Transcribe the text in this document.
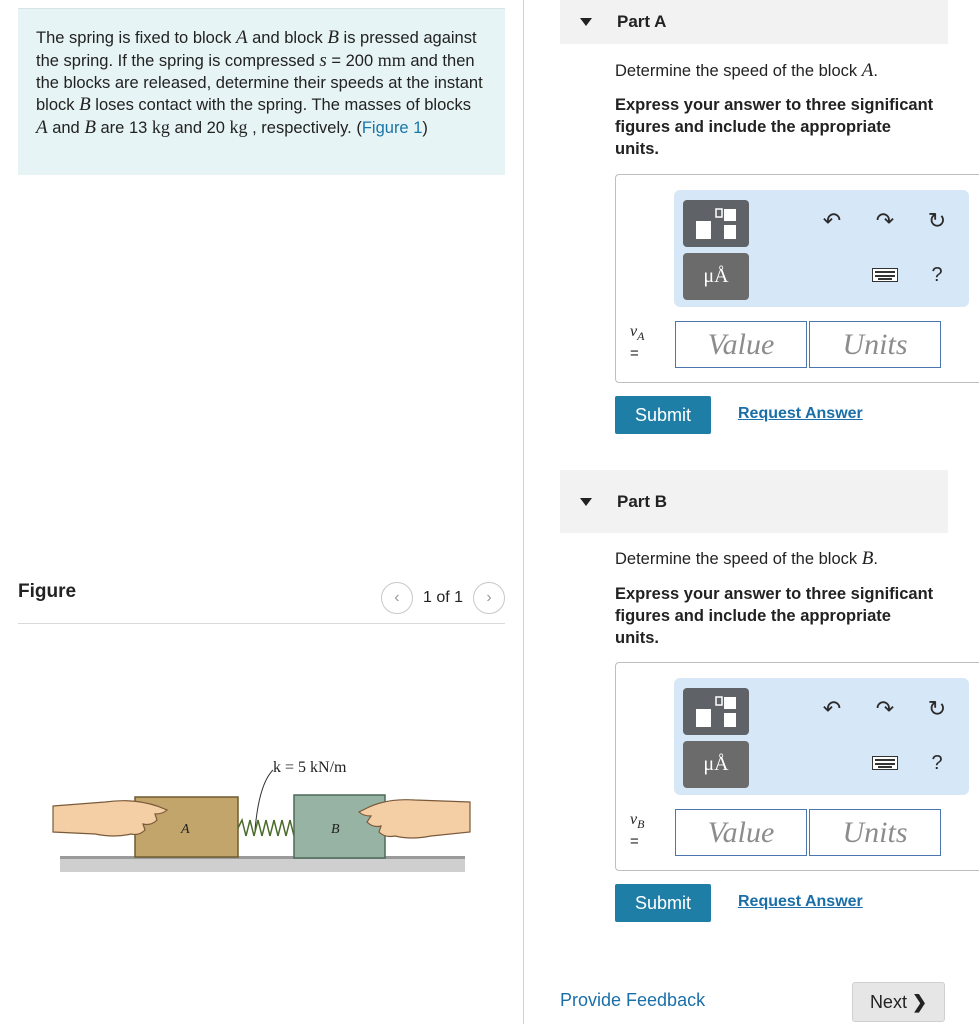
The spring is fixed to block A and block B is pressed against the spring. If the spring is compressed s = 200 mm and then the blocks are released, determine their speeds at the instant block B loses contact with the spring. The masses of blocks A and B are 13 kg and 20 kg , respectively. (Figure 1)
Figure	‹	1 of 1	›
k = 5 kN/m
A	B
Part A
Determine the speed of the block A.
Express your answer to three significant figures and include the appropriate units.
μÅ
↶ ↷ ↻
?
$v_A$
=	Value	Units
Submit	Request Answer
Part B
Determine the speed of the block B.
Express your answer to three significant figures and include the appropriate units.
μÅ
↶ ↷ ↻
?
$v_B$
=	Value	Units
Submit	Request Answer
Provide Feedback	Next ❯
